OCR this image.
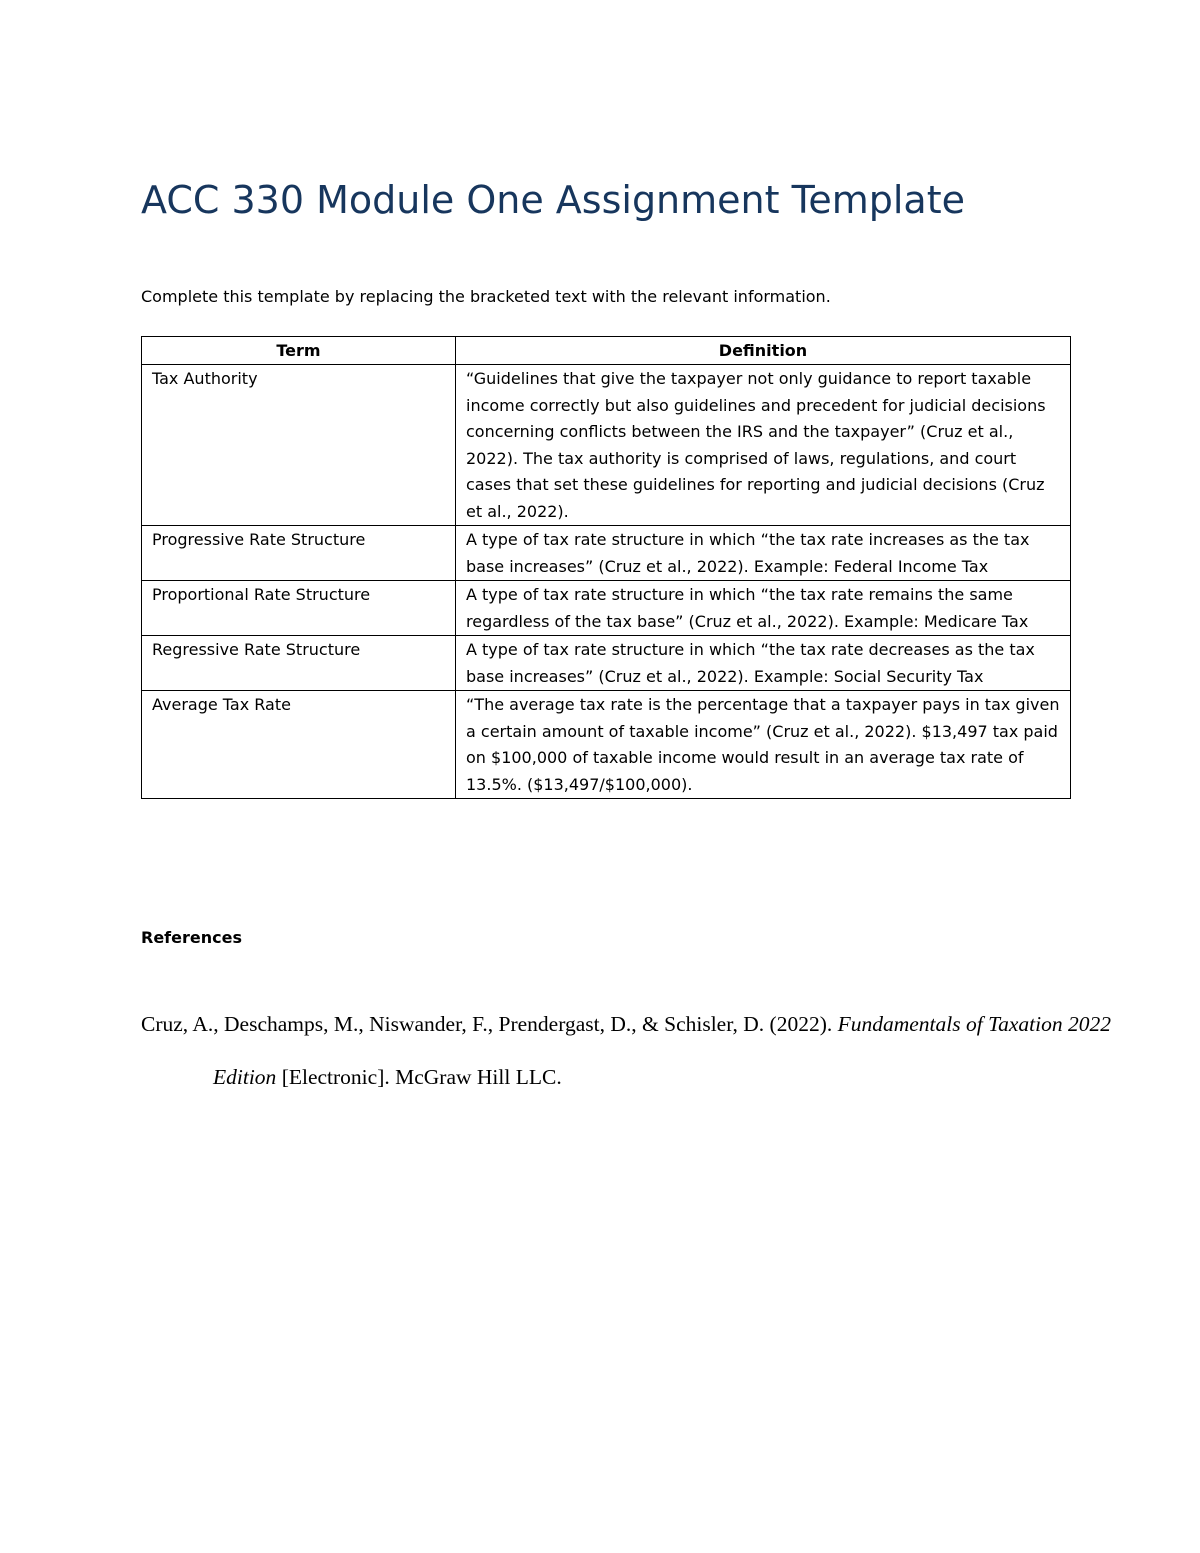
ACC 330 Module One Assignment Template

Complete this template by replacing the bracketed text with the relevant information.

Term	Definition
Tax Authority	“Guidelines that give the taxpayer not only guidance to report taxable income correctly but also guidelines and precedent for judicial decisions concerning conflicts between the IRS and the taxpayer” (Cruz et al., 2022). The tax authority is comprised of laws, regulations, and court cases that set these guidelines for reporting and judicial decisions (Cruz et al., 2022).
Progressive Rate Structure	A type of tax rate structure in which “the tax rate increases as the tax base increases” (Cruz et al., 2022). Example: Federal Income Tax
Proportional Rate Structure	A type of tax rate structure in which “the tax rate remains the same regardless of the tax base” (Cruz et al., 2022). Example: Medicare Tax
Regressive Rate Structure	A type of tax rate structure in which “the tax rate decreases as the tax base increases” (Cruz et al., 2022). Example: Social Security Tax
Average Tax Rate	“The average tax rate is the percentage that a taxpayer pays in tax given a certain amount of taxable income” (Cruz et al., 2022). $13,497 tax paid on $100,000 of taxable income would result in an average tax rate of 13.5%. ($13,497/$100,000).

References

Cruz, A., Deschamps, M., Niswander, F., Prendergast, D., & Schisler, D. (2022). Fundamentals of Taxation 2022 Edition [Electronic]. McGraw Hill LLC.
